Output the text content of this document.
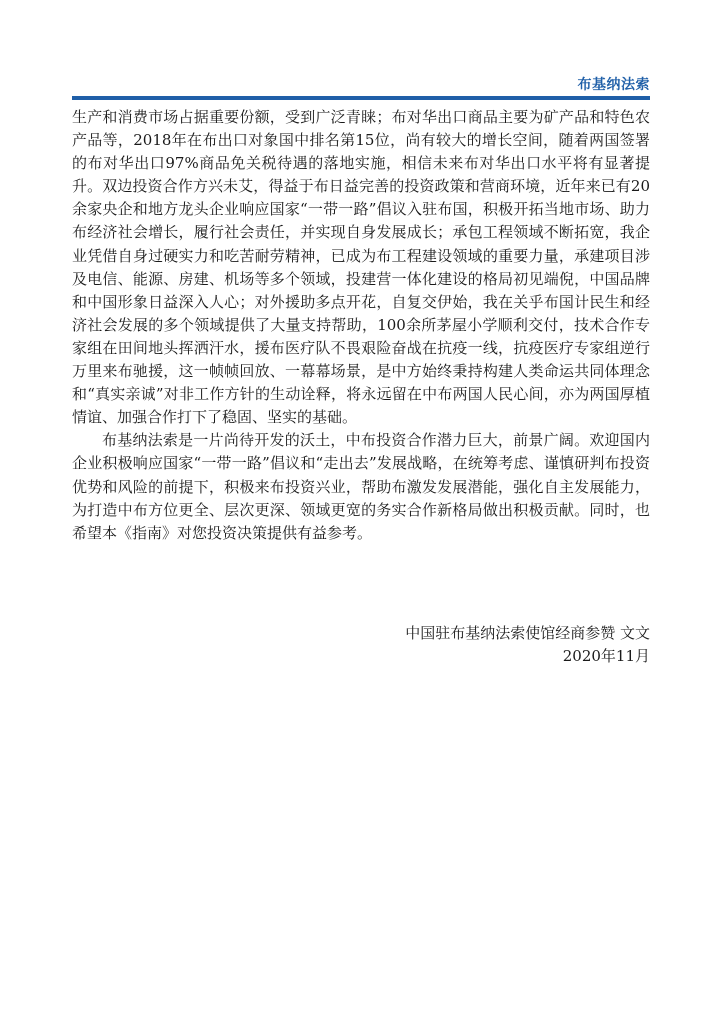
布基纳法索

生产和消费市场占据重要份额，受到广泛青睐；布对华出口商品主要为矿产品和特色农产品等，2018年在布出口对象国中排名第15位，尚有较大的增长空间，随着两国签署的布对华出口97%商品免关税待遇的落地实施，相信未来布对华出口水平将有显著提升。双边投资合作方兴未艾，得益于布日益完善的投资政策和营商环境，近年来已有20余家央企和地方龙头企业响应国家“一带一路”倡议入驻布国，积极开拓当地市场、助力布经济社会增长，履行社会责任，并实现自身发展成长；承包工程领域不断拓宽，我企业凭借自身过硬实力和吃苦耐劳精神，已成为布工程建设领域的重要力量，承建项目涉及电信、能源、房建、机场等多个领域，投建营一体化建设的格局初见端倪，中国品牌和中国形象日益深入人心；对外援助多点开花，自复交伊始，我在关乎布国计民生和经济社会发展的多个领域提供了大量支持帮助，100余所茅屋小学顺利交付，技术合作专家组在田间地头挥洒汗水，援布医疗队不畏艰险奋战在抗疫一线，抗疫医疗专家组逆行万里来布驰援，这一帧帧回放、一幕幕场景，是中方始终秉持构建人类命运共同体理念和“真实亲诚”对非工作方针的生动诠释，将永远留在中布两国人民心间，亦为两国厚植情谊、加强合作打下了稳固、坚实的基础。

布基纳法索是一片尚待开发的沃土，中布投资合作潜力巨大，前景广阔。欢迎国内企业积极响应国家“一带一路”倡议和“走出去”发展战略，在统筹考虑、谨慎研判布投资优势和风险的前提下，积极来布投资兴业，帮助布激发发展潜能，强化自主发展能力，为打造中布方位更全、层次更深、领域更宽的务实合作新格局做出积极贡献。同时，也希望本《指南》对您投资决策提供有益参考。

中国驻布基纳法索使馆经商参赞 文文
2020年11月
